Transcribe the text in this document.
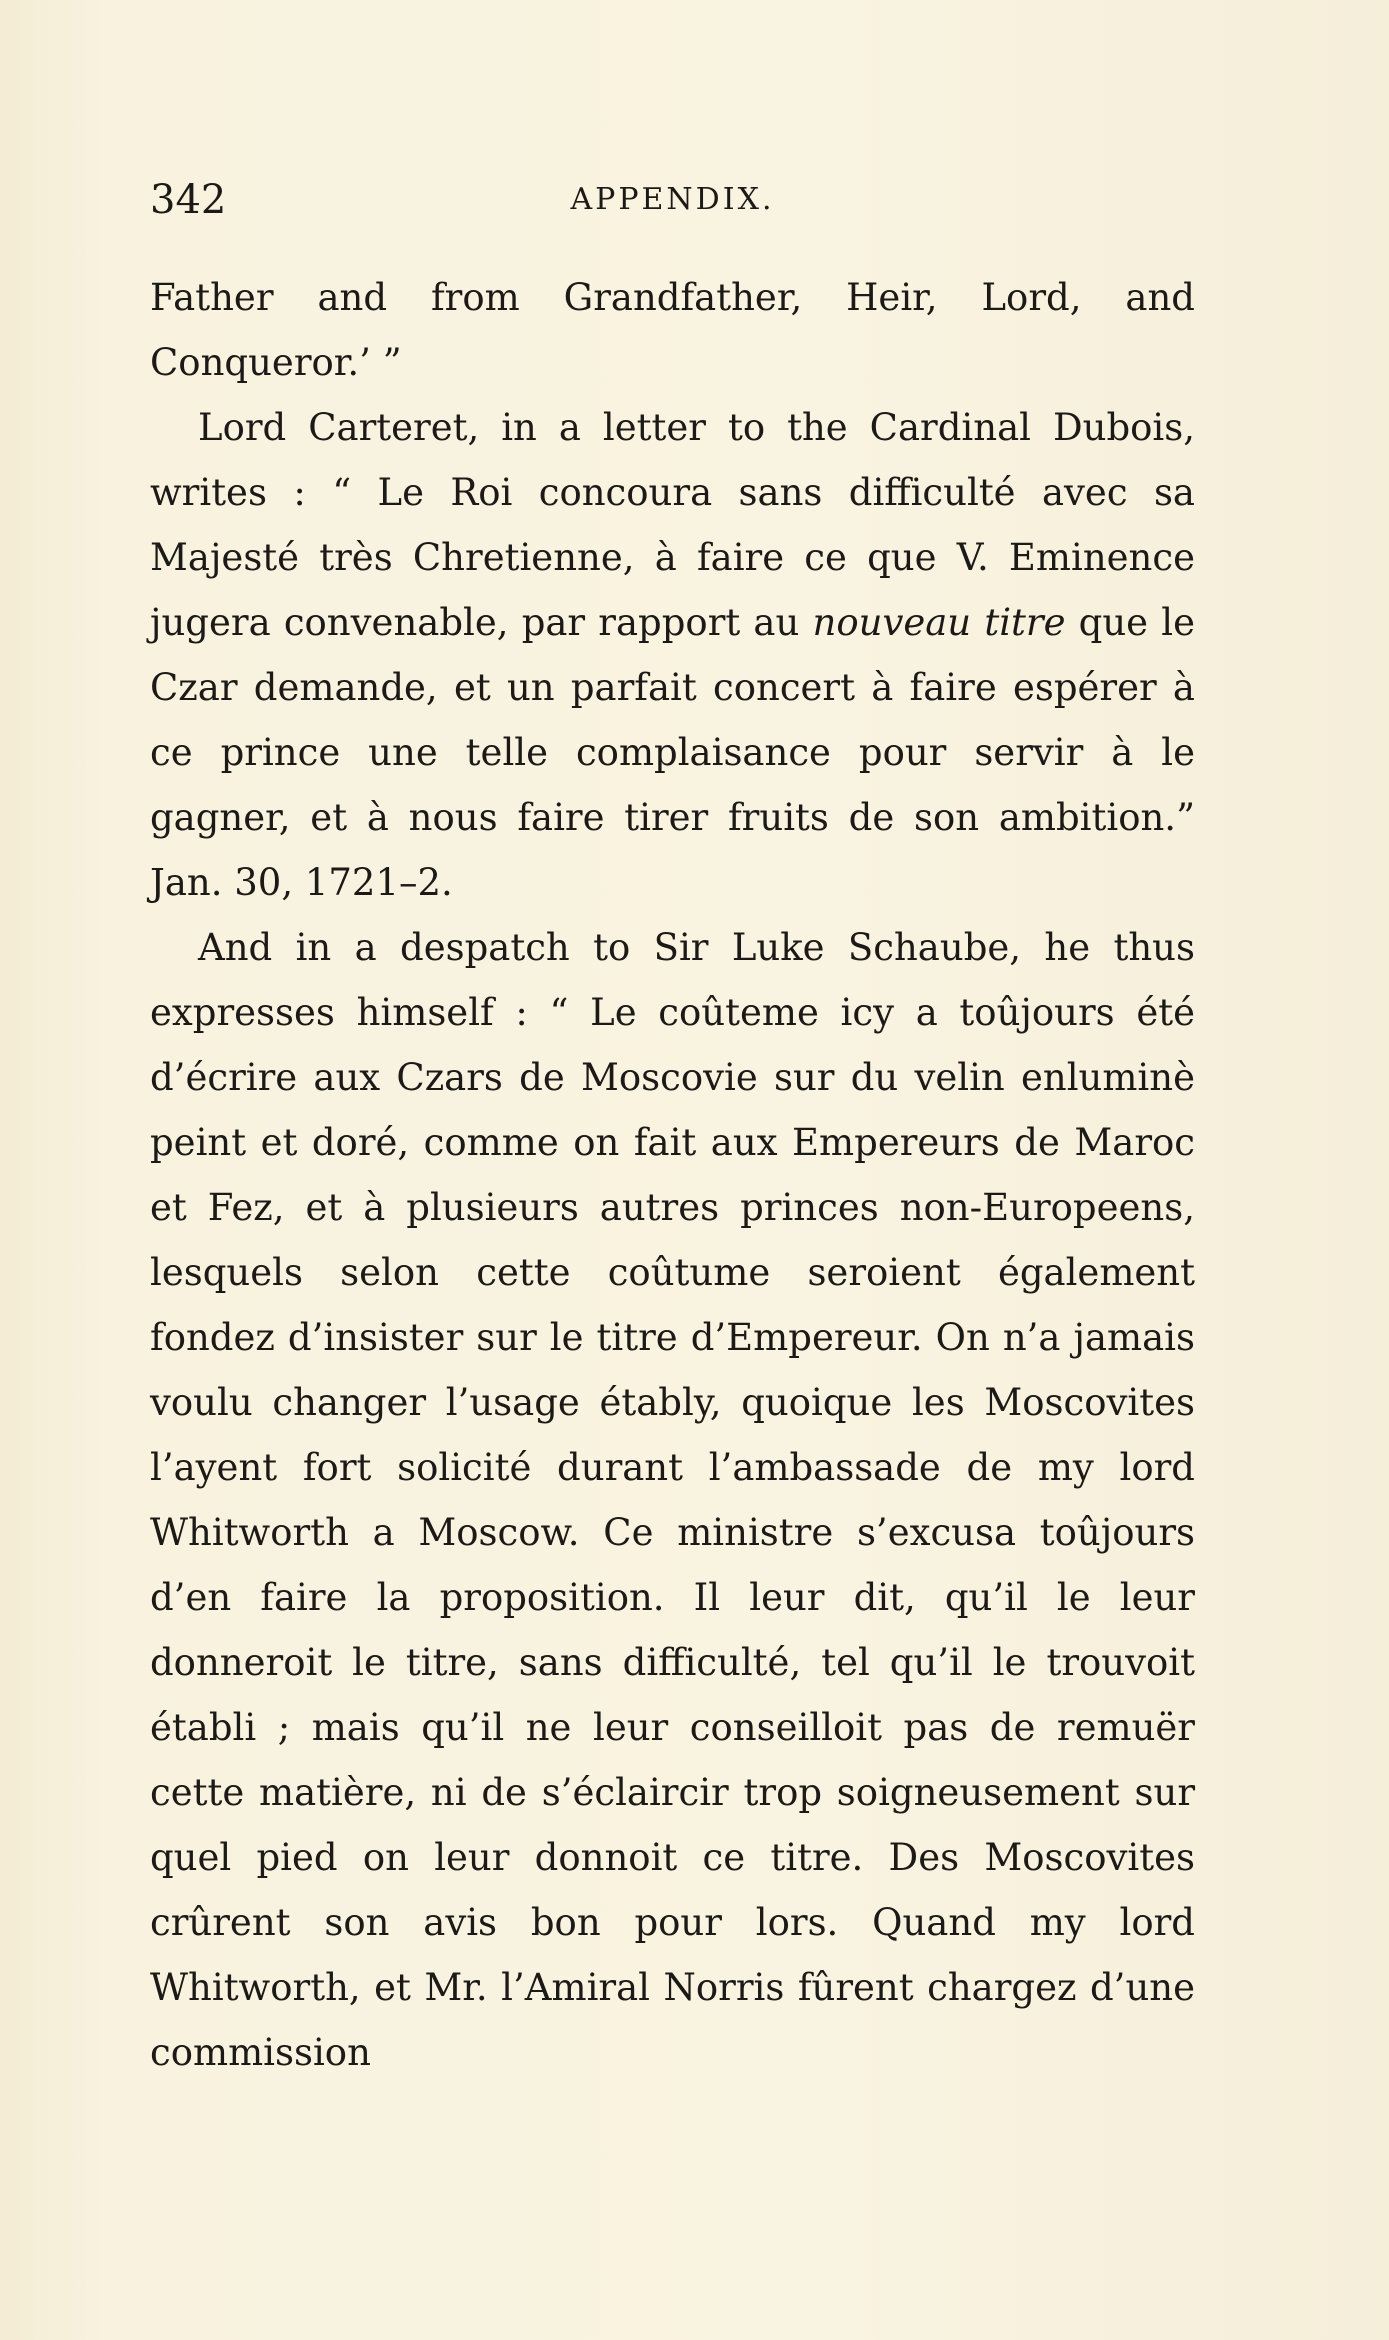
342	APPENDIX.

Father and from Grandfather, Heir, Lord, and Conqueror.’ ”

Lord Carteret, in a letter to the Cardinal Dubois, writes : “ Le Roi concoura sans difficulté avec sa Majesté très Chretienne, à faire ce que V. Eminence jugera convenable, par rapport au nouveau titre que le Czar demande, et un parfait concert à faire espérer à ce prince une telle complaisance pour servir à le gagner, et à nous faire tirer fruits de son ambition.” Jan. 30, 1721–2.

And in a despatch to Sir Luke Schaube, he thus expresses himself : “ Le coûteme icy a toûjours été d’écrire aux Czars de Moscovie sur du velin enluminè peint et doré, comme on fait aux Empereurs de Maroc et Fez, et à plusieurs autres princes non-Europeens, lesquels selon cette coûtume seroient également fondez d’insister sur le titre d’Empereur. On n’a jamais voulu changer l’usage étably, quoique les Moscovites l’ayent fort solicité durant l’ambassade de my lord Whitworth a Moscow. Ce ministre s’excusa toûjours d’en faire la proposition. Il leur dit, qu’il le leur donneroit le titre, sans difficulté, tel qu’il le trouvoit établi ; mais qu’il ne leur conseilloit pas de remuër cette matière, ni de s’éclaircir trop soigneusement sur quel pied on leur donnoit ce titre. Des Moscovites crûrent son avis bon pour lors. Quand my lord Whitworth, et Mr. l’Amiral Norris fûrent chargez d’une commission
